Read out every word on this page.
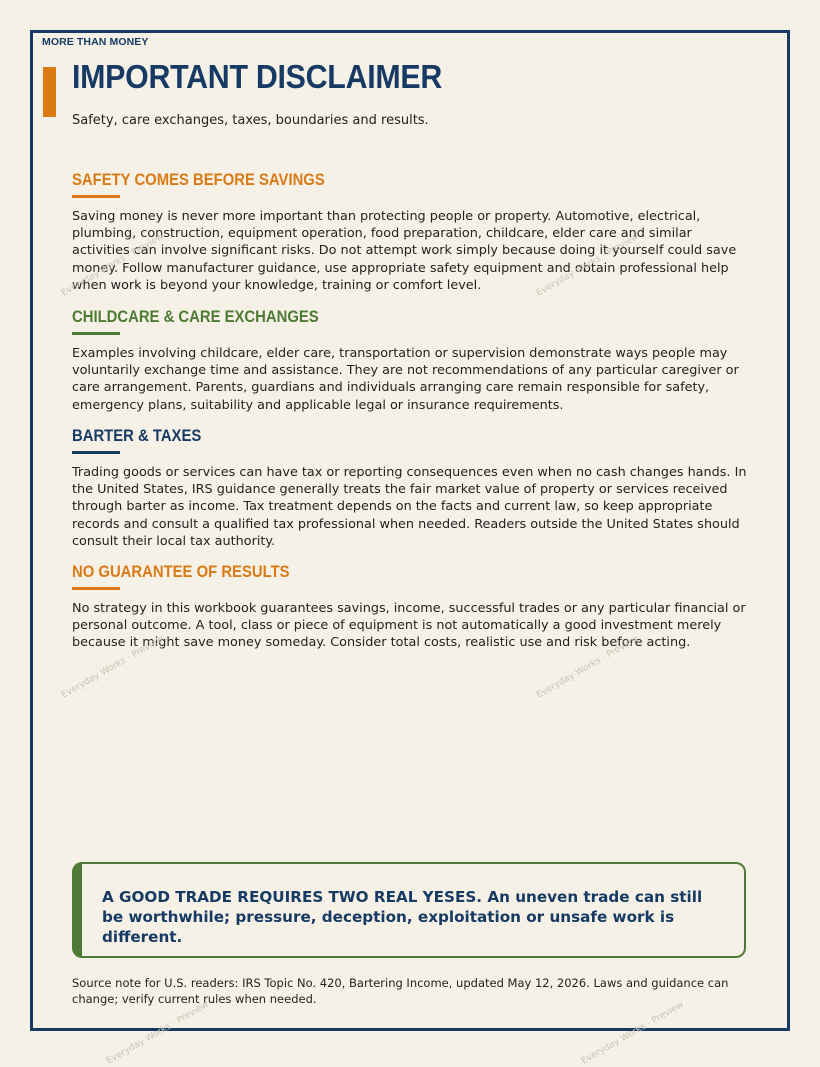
MORE THAN MONEY
IMPORTANT DISCLAIMER

Safety, care exchanges, taxes, boundaries and results.

SAFETY COMES BEFORE SAVINGS

Saving money is never more important than protecting people or property. Automotive, electrical, plumbing, construction, equipment operation, food preparation, childcare, elder care and similar activities can involve significant risks. Do not attempt work simply because doing it yourself could save money. Follow manufacturer guidance, use appropriate safety equipment and obtain professional help when work is beyond your knowledge, training or comfort level.

CHILDCARE & CARE EXCHANGES

Examples involving childcare, elder care, transportation or supervision demonstrate ways people may voluntarily exchange time and assistance. They are not recommendations of any particular caregiver or care arrangement. Parents, guardians and individuals arranging care remain responsible for safety, emergency plans, suitability and applicable legal or insurance requirements.

BARTER & TAXES

Trading goods or services can have tax or reporting consequences even when no cash changes hands. In the United States, IRS guidance generally treats the fair market value of property or services received through barter as income. Tax treatment depends on the facts and current law, so keep appropriate records and consult a qualified tax professional when needed. Readers outside the United States should consult their local tax authority.

NO GUARANTEE OF RESULTS

No strategy in this workbook guarantees savings, income, successful trades or any particular financial or personal outcome. A tool, class or piece of equipment is not automatically a good investment merely because it might save money someday. Consider total costs, realistic use and risk before acting.

A GOOD TRADE REQUIRES TWO REAL YESES. An uneven trade can still be worthwhile; pressure, deception, exploitation or unsafe work is different.

Source note for U.S. readers: IRS Topic No. 420, Bartering Income, updated May 12, 2026. Laws and guidance can change; verify current rules when needed.

Everyday Works · Preview	Everyday Works · Preview
Everyday Works · Preview	Everyday Works · Preview
Everyday Works · Preview	Everyday Works · Preview
